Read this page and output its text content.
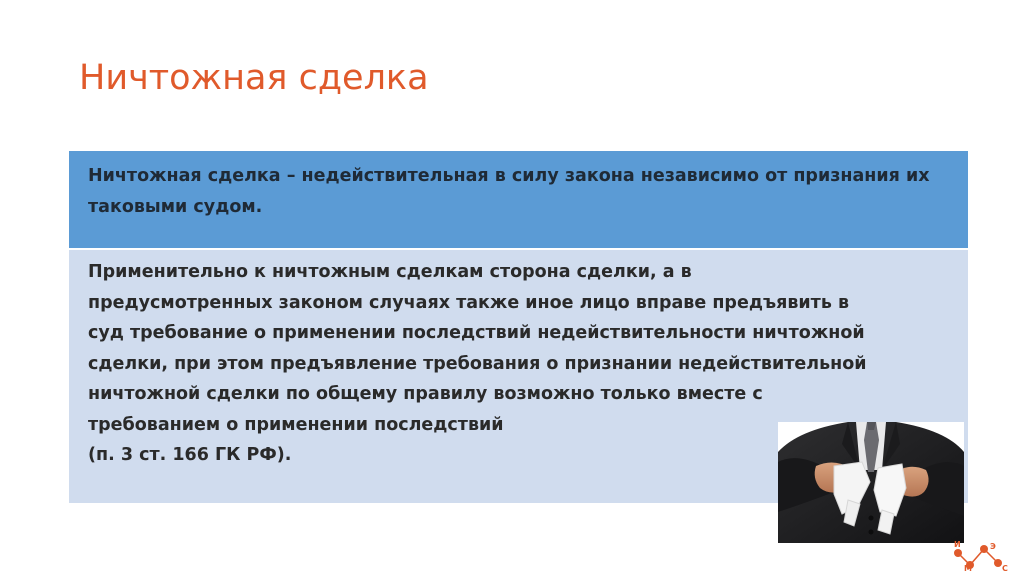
Ничтожная сделка

Ничтожная сделка – недействительная в силу закона независимо от признания их таковыми судом.

Применительно к ничтожным сделкам сторона сделки, а в
предусмотренных законом случаях также иное лицо вправе предъявить в
суд требование о применении последствий недействительности ничтожной
сделки, при этом предъявление требования о признании недействительной
ничтожной сделки по общему правилу возможно только вместе с
требованием о применении последствий
(п. 3 ст. 166 ГК РФ).
И
М
Э
С
